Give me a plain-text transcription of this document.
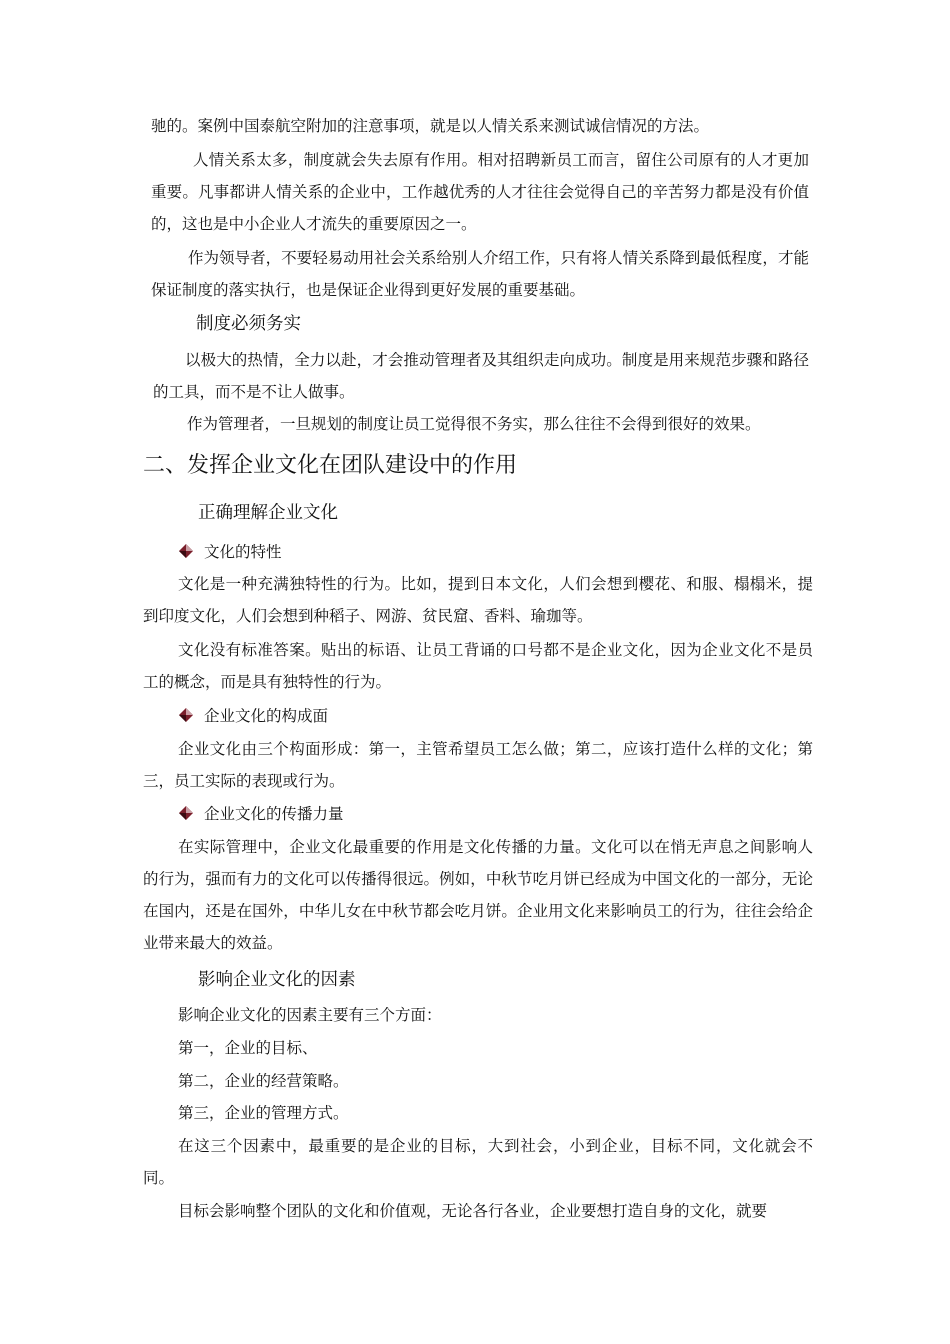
驰的。案例中国泰航空附加的注意事项，就是以人情关系来测试诚信情况的方法。
人情关系太多，制度就会失去原有作用。相对招聘新员工而言，留住公司原有的人才更加重要。凡事都讲人情关系的企业中，工作越优秀的人才往往会觉得自己的辛苦努力都是没有价值的，这也是中小企业人才流失的重要原因之一。
作为领导者，不要轻易动用社会关系给别人介绍工作，只有将人情关系降到最低程度，才能保证制度的落实执行，也是保证企业得到更好发展的重要基础。
制度必须务实
以极大的热情，全力以赴，才会推动管理者及其组织走向成功。制度是用来规范步骤和路径的工具，而不是不让人做事。
作为管理者，一旦规划的制度让员工觉得很不务实，那么往往不会得到很好的效果。
二、发挥企业文化在团队建设中的作用
正确理解企业文化
文化的特性
文化是一种充满独特性的行为。比如，提到日本文化，人们会想到樱花、和服、榻榻米，提到印度文化，人们会想到种稻子、网游、贫民窟、香料、瑜珈等。
文化没有标准答案。贴出的标语、让员工背诵的口号都不是企业文化，因为企业文化不是员工的概念，而是具有独特性的行为。
企业文化的构成面
企业文化由三个构面形成：第一，主管希望员工怎么做；第二，应该打造什么样的文化；第三，员工实际的表现或行为。
企业文化的传播力量
在实际管理中，企业文化最重要的作用是文化传播的力量。文化可以在悄无声息之间影响人的行为，强而有力的文化可以传播得很远。例如，中秋节吃月饼已经成为中国文化的一部分，无论在国内，还是在国外，中华儿女在中秋节都会吃月饼。企业用文化来影响员工的行为，往往会给企业带来最大的效益。
影响企业文化的因素
影响企业文化的因素主要有三个方面：
第一，企业的目标、
第二，企业的经营策略。
第三，企业的管理方式。
在这三个因素中，最重要的是企业的目标，大到社会，小到企业，目标不同，文化就会不同。
目标会影响整个团队的文化和价值观，无论各行各业，企业要想打造自身的文化，就要
